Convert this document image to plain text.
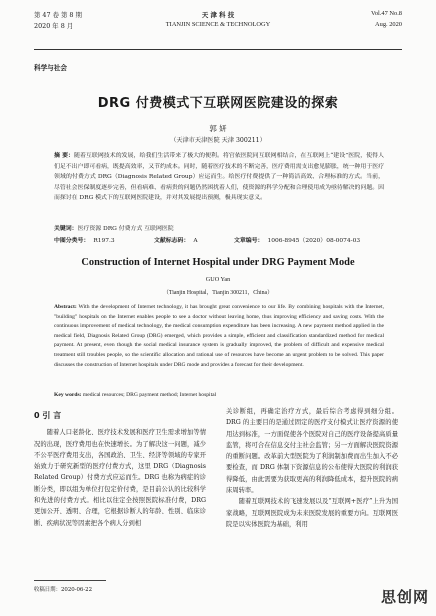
第 47 卷 第 8 期
2020 年 8 月
天 津 科 技
TIANJIN SCIENCE & TECHNOLOGY
Vol.47 No.8
Aug. 2020
科学与社会
DRG 付费模式下互联网医院建设的探索
郭 妍
（天津市天津医院 天津 300211）
摘 要：随着互联网技术的发展，给我们生活带来了极大的便利。将官依医院同互联网相结合，在互联网上“建设”医院，使得人们足不出户即可看病，既提高效率，又节约成本。同时，随着医疗技术的不断完善，医疗费用需支出愈见膨胀，统一种用于医疗领域的付费方式 DRG（Diagnosis Related Group）应运而生。给医疗付费提供了一种简洁高效、合理标准的方式。当前，尽管社会医保制度逐步完善，但看病难、看病贵的问题仍然困扰着人们，使资源的科学分配和合理使用成为亟待解决的问题。因而探讨在 DRG 模式下的互联网医院建设，并对其发展提出预测，极具现实意义。
关键词：医疗资源 DRG 付费方式 互联网医院
中图分类号： R197.3	文献标志码： A	文章编号： 1006-8945（2020）08-0074-03
Construction of Internet Hospital under DRG Payment Mode
GUO Yan
（Tianjin Hospital，Tianjin 300211，China）
Abstract: With the development of Internet technology, it has brought great convenience to our life. By combining hospitals with the Internet, "building" hospitals on the Internet enables people to see a doctor without leaving home, thus improving efficiency and saving costs. With the continuous improvement of medical technology, the medical consumption expenditure has been increasing. A new payment method applied in the medical field, Diagnosis Related Group (DRG) emerged, which provides a simple, efficient and classification standardized method for medical payment. At present, even though the social medical insurance system is gradually improved, the problem of difficult and expensive medical treatment still troubles people, so the scientific allocation and rational use of resources have become an urgent problem to be solved. This paper discusses the construction of Internet hospitals under DRG mode and provides a forecast for their development.
Key words: medical resources; DRG payment method; Internet hospital
0 引 言

随着人口老龄化、医疗技术发展和医疗卫生需求增加等情况的出现，医疗费用也在快速增长。为了解决这一问题，减少不公平医疗费用支出，各国政治、卫生、经济等领域的专家开始致力于研究新型的医疗付费方式，这里 DRG（Diagnosis Related Group）付费方式应运而生。DRG 也称为病症的诊断分类，即以组为单位打包定价付费，是目前公认的比较科学和先进的付费方式。相比以往定全按照医院标准付费，DRG 更加公开、透明、合理，它根据诊断人的年龄、性别、临床诊断、疾病状况等因素把各个病人分到相

关诊断组，再确定治疗方式，最后综合考虑得到细分组。DRG 的主要目的是通过固定的医疗支付模式让医疗资源的使用达到标准，一方面促使各个医院对自己的医疗设备提高质量监管，将可合在信息交付主社会监管；另一方面解决医院资源的重断问题。改革前大型医院为了利润制加费而出生加入不必要检查，而 DRG 体制下资源信息的公布使得大医院的利润获得降低，由此需要为获取更高的利润降低成本，提升医院的病床周转率。

随着互联网技术的飞速发展以及“互联网+医疗”上升为国家战略，互联网医院成为未来医院发展的重要方向。互联网医院是以实体医院为基础，利用

收稿日期：2020-06-22	思创网
